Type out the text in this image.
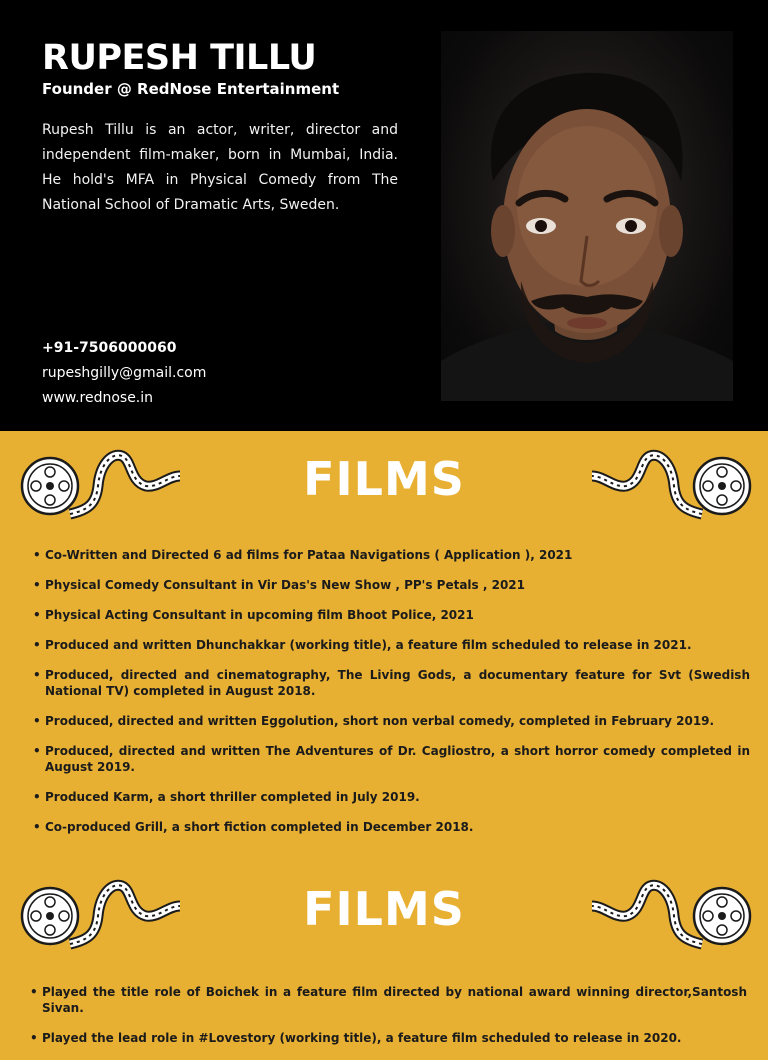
RUPESH TILLU
Founder @ RedNose Entertainment

Rupesh Tillu is an actor, writer, director and independent film-maker, born in Mumbai, India. He hold's MFA in Physical Comedy from The National School of Dramatic Arts, Sweden.

+91-7506000060
rupeshgilly@gmail.com
www.rednose.in
FILMS
• Co-Written and Directed 6 ad films for Pataa Navigations ( Application ), 2021
• Physical Comedy Consultant in Vir Das's New Show , PP's Petals , 2021
• Physical Acting Consultant in upcoming film Bhoot Police, 2021
• Produced and written Dhunchakkar (working title), a feature film scheduled to release in 2021.
• Produced, directed and cinematography, The Living Gods, a documentary feature for Svt (Swedish National TV) completed in August 2018.
• Produced, directed and written Eggolution, short non verbal comedy, completed in February 2019.
• Produced, directed and written The Adventures of Dr. Cagliostro, a short horror comedy completed in August 2019.
• Produced Karm, a short thriller completed in July 2019.
• Co-produced Grill, a short fiction completed in December 2018.
FILMS
• Played the title role of Boichek in a feature film directed by national award winning director,Santosh Sivan.
• Played the lead role in #Lovestory (working title), a feature film scheduled to release in 2020.
